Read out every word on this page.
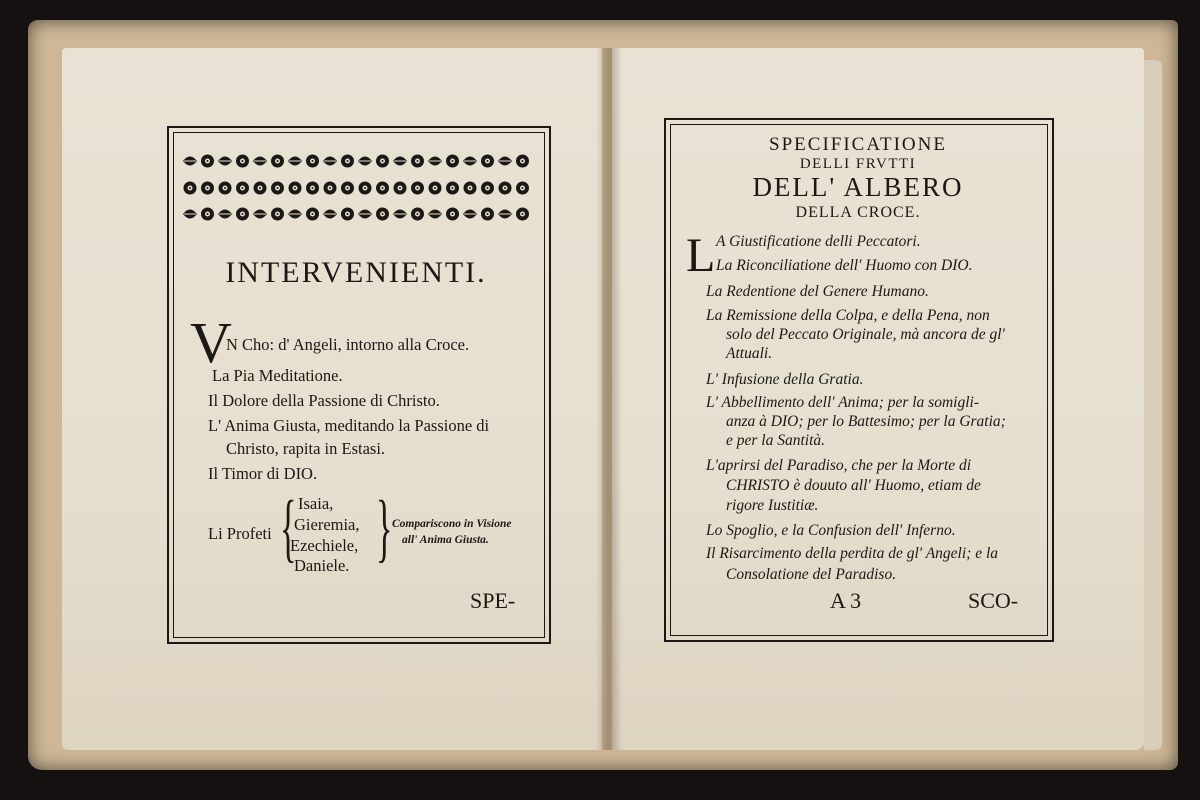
INTERVENIENTI.
V
N Cho: d' Angeli, intorno alla Croce.
La Pia Meditatione.
Il Dolore della Passione di Christo.
L' Anima Giusta, meditando la Passione di
Christo, rapita in Estasi.
Il Timor di DIO.
Li Profeti { Isaia,
Gieremia,
Ezechiele,
Daniele. } Compariscono in Visione
all' Anima Giusta.
SPE-
SPECIFICATIONE
DELLI FRVTTI
DELL' ALBERO
DELLA CROCE.
L A Giustificatione delli Peccatori.
La Riconciliatione dell' Huomo con DIO.
La Redentione del Genere Humano.
La Remissione della Colpa, e della Pena, non
solo del Peccato Originale, mà ancora de gl'
Attuali.
L' Infusione della Gratia.
L' Abbellimento dell' Anima; per la somigli-
anza à DIO; per lo Battesimo; per la Gratia;
e per la Santità.
L'aprirsi del Paradiso, che per la Morte di
CHRISTO è douuto all' Huomo, etiam de
rigore Iustitiæ.
Lo Spoglio, e la Confusion dell' Inferno.
Il Risarcimento della perdita de gl' Angeli; e la
Consolatione del Paradiso.
A 3	SCO-
